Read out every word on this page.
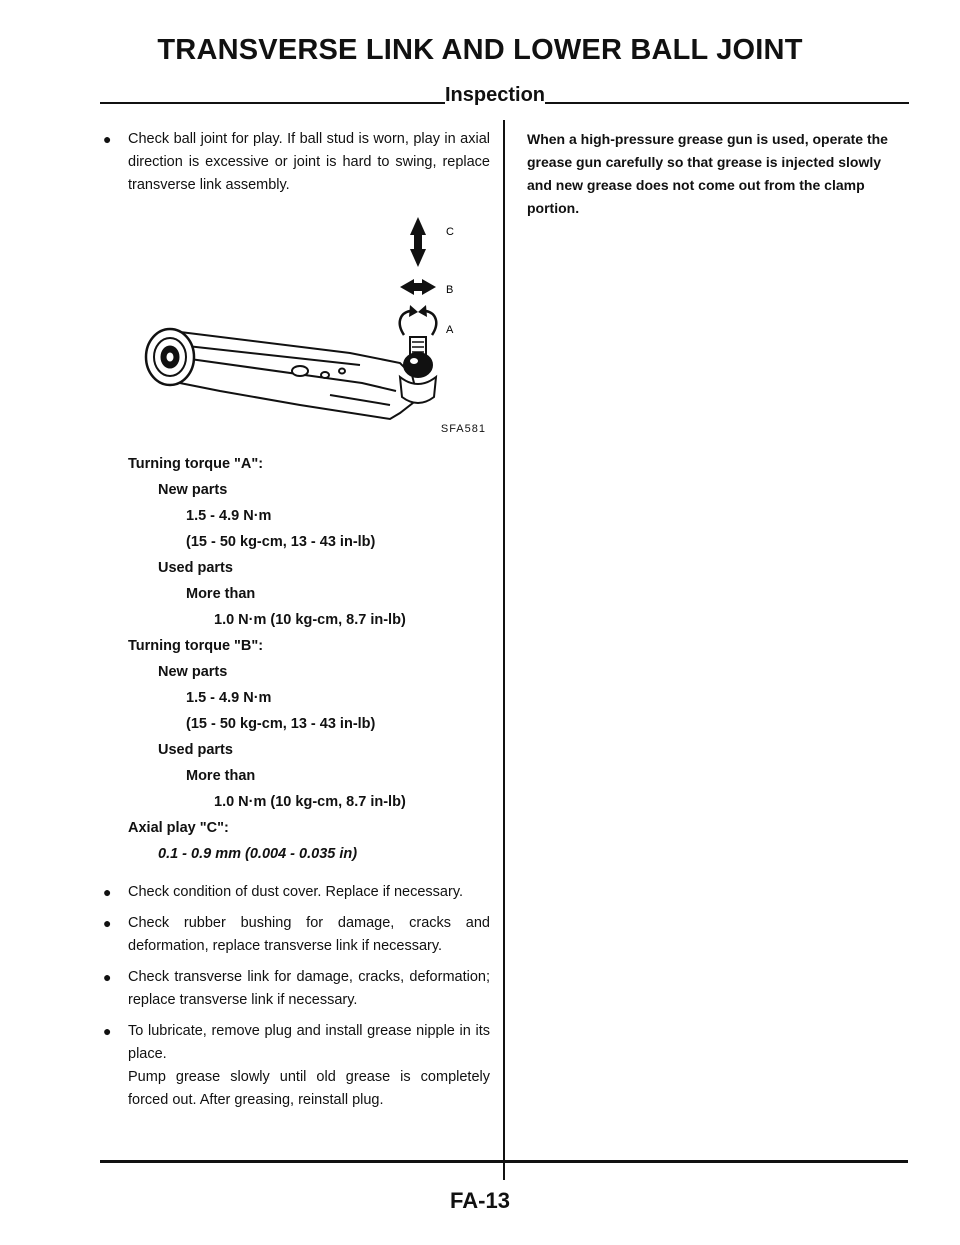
TRANSVERSE LINK AND LOWER BALL JOINT
Inspection
● Check ball joint for play. If ball stud is worn, play in axial direction is excessive or joint is hard to swing, replace transverse link assembly.
C
B
A
SFA581
Turning torque "A":
New parts
1.5 - 4.9 N·m
(15 - 50 kg-cm, 13 - 43 in-lb)
Used parts
More than
1.0 N·m (10 kg-cm, 8.7 in-lb)
Turning torque "B":
New parts
1.5 - 4.9 N·m
(15 - 50 kg-cm, 13 - 43 in-lb)
Used parts
More than
1.0 N·m (10 kg-cm, 8.7 in-lb)
Axial play "C":
0.1 - 0.9 mm (0.004 - 0.035 in)
● Check condition of dust cover. Replace if necessary.
● Check rubber bushing for damage, cracks and deformation, replace transverse link if necessary.
● Check transverse link for damage, cracks, deformation; replace transverse link if necessary.
● To lubricate, remove plug and install grease nipple in its place.
Pump grease slowly until old grease is completely forced out. After greasing, reinstall plug.
When a high-pressure grease gun is used, operate the grease gun carefully so that grease is injected slowly and new grease does not come out from the clamp portion.
FA-13
